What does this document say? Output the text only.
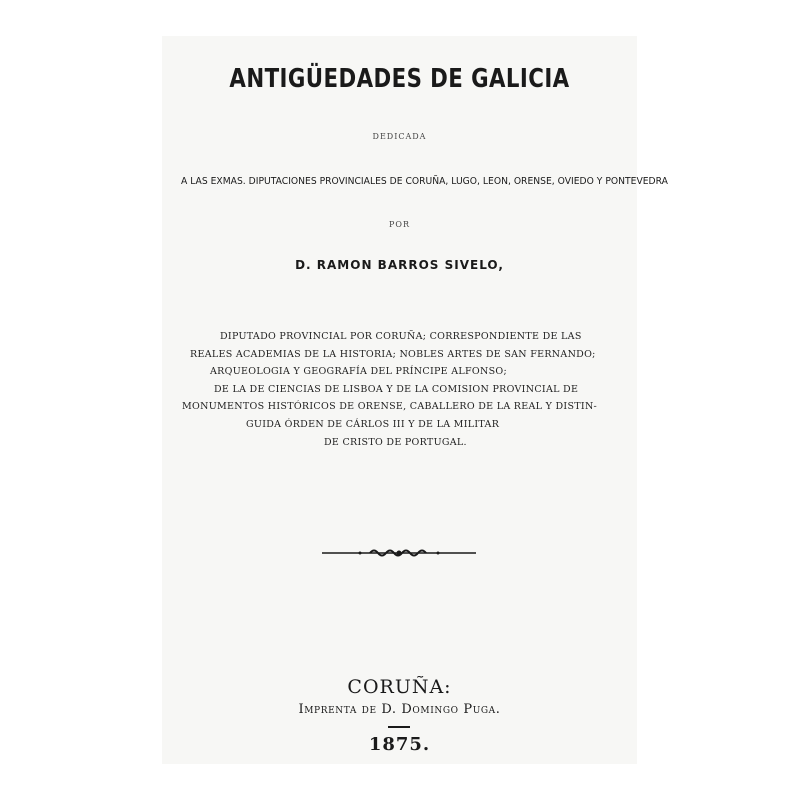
ANTIGÜEDADES DE GALICIA
DEDICADA
A LAS EXMAS. DIPUTACIONES PROVINCIALES DE CORUÑA, LUGO, LEON, ORENSE, OVIEDO Y PONTEVEDRA
POR
D. RAMON BARROS SIVELO,
DIPUTADO PROVINCIAL POR CORUÑA; CORRESPONDIENTE DE LAS
REALES ACADEMIAS DE LA HISTORIA; NOBLES ARTES DE SAN FERNANDO;
ARQUEOLOGIA Y GEOGRAFÍA DEL PRÍNCIPE ALFONSO;
DE LA DE CIENCIAS DE LISBOA Y DE LA COMISION PROVINCIAL DE
MONUMENTOS HISTÓRICOS DE ORENSE, CABALLERO DE LA REAL Y DISTIN-
GUIDA ÓRDEN DE CÁRLOS III Y DE LA MILITAR
DE CRISTO DE PORTUGAL.
CORUÑA:
Imprenta de D. Domingo Puga.
1875.
